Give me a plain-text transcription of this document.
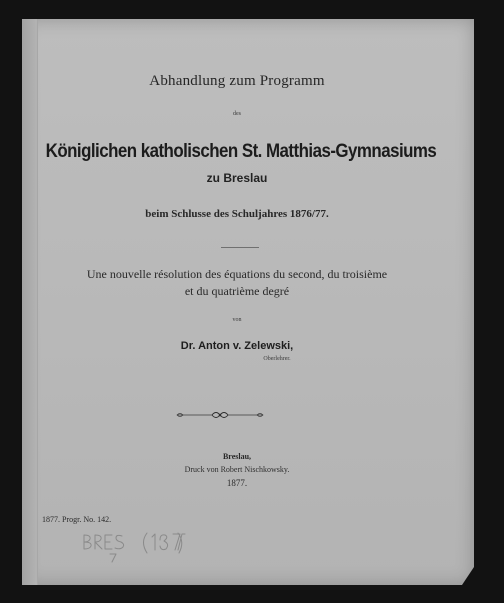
Abhandlung zum Programm
des
Königlichen katholischen St. Matthias-Gymnasiums
zu Breslau
beim Schlusse des Schuljahres 1876/77.
Une nouvelle résolution des équations du second, du troisième
et du quatrième degré
von
Dr. Anton v. Zelewski,
Oberlehrer.
Breslau,
Druck von Robert Nischkowsky.
1877.
1877. Progr. No. 142.
